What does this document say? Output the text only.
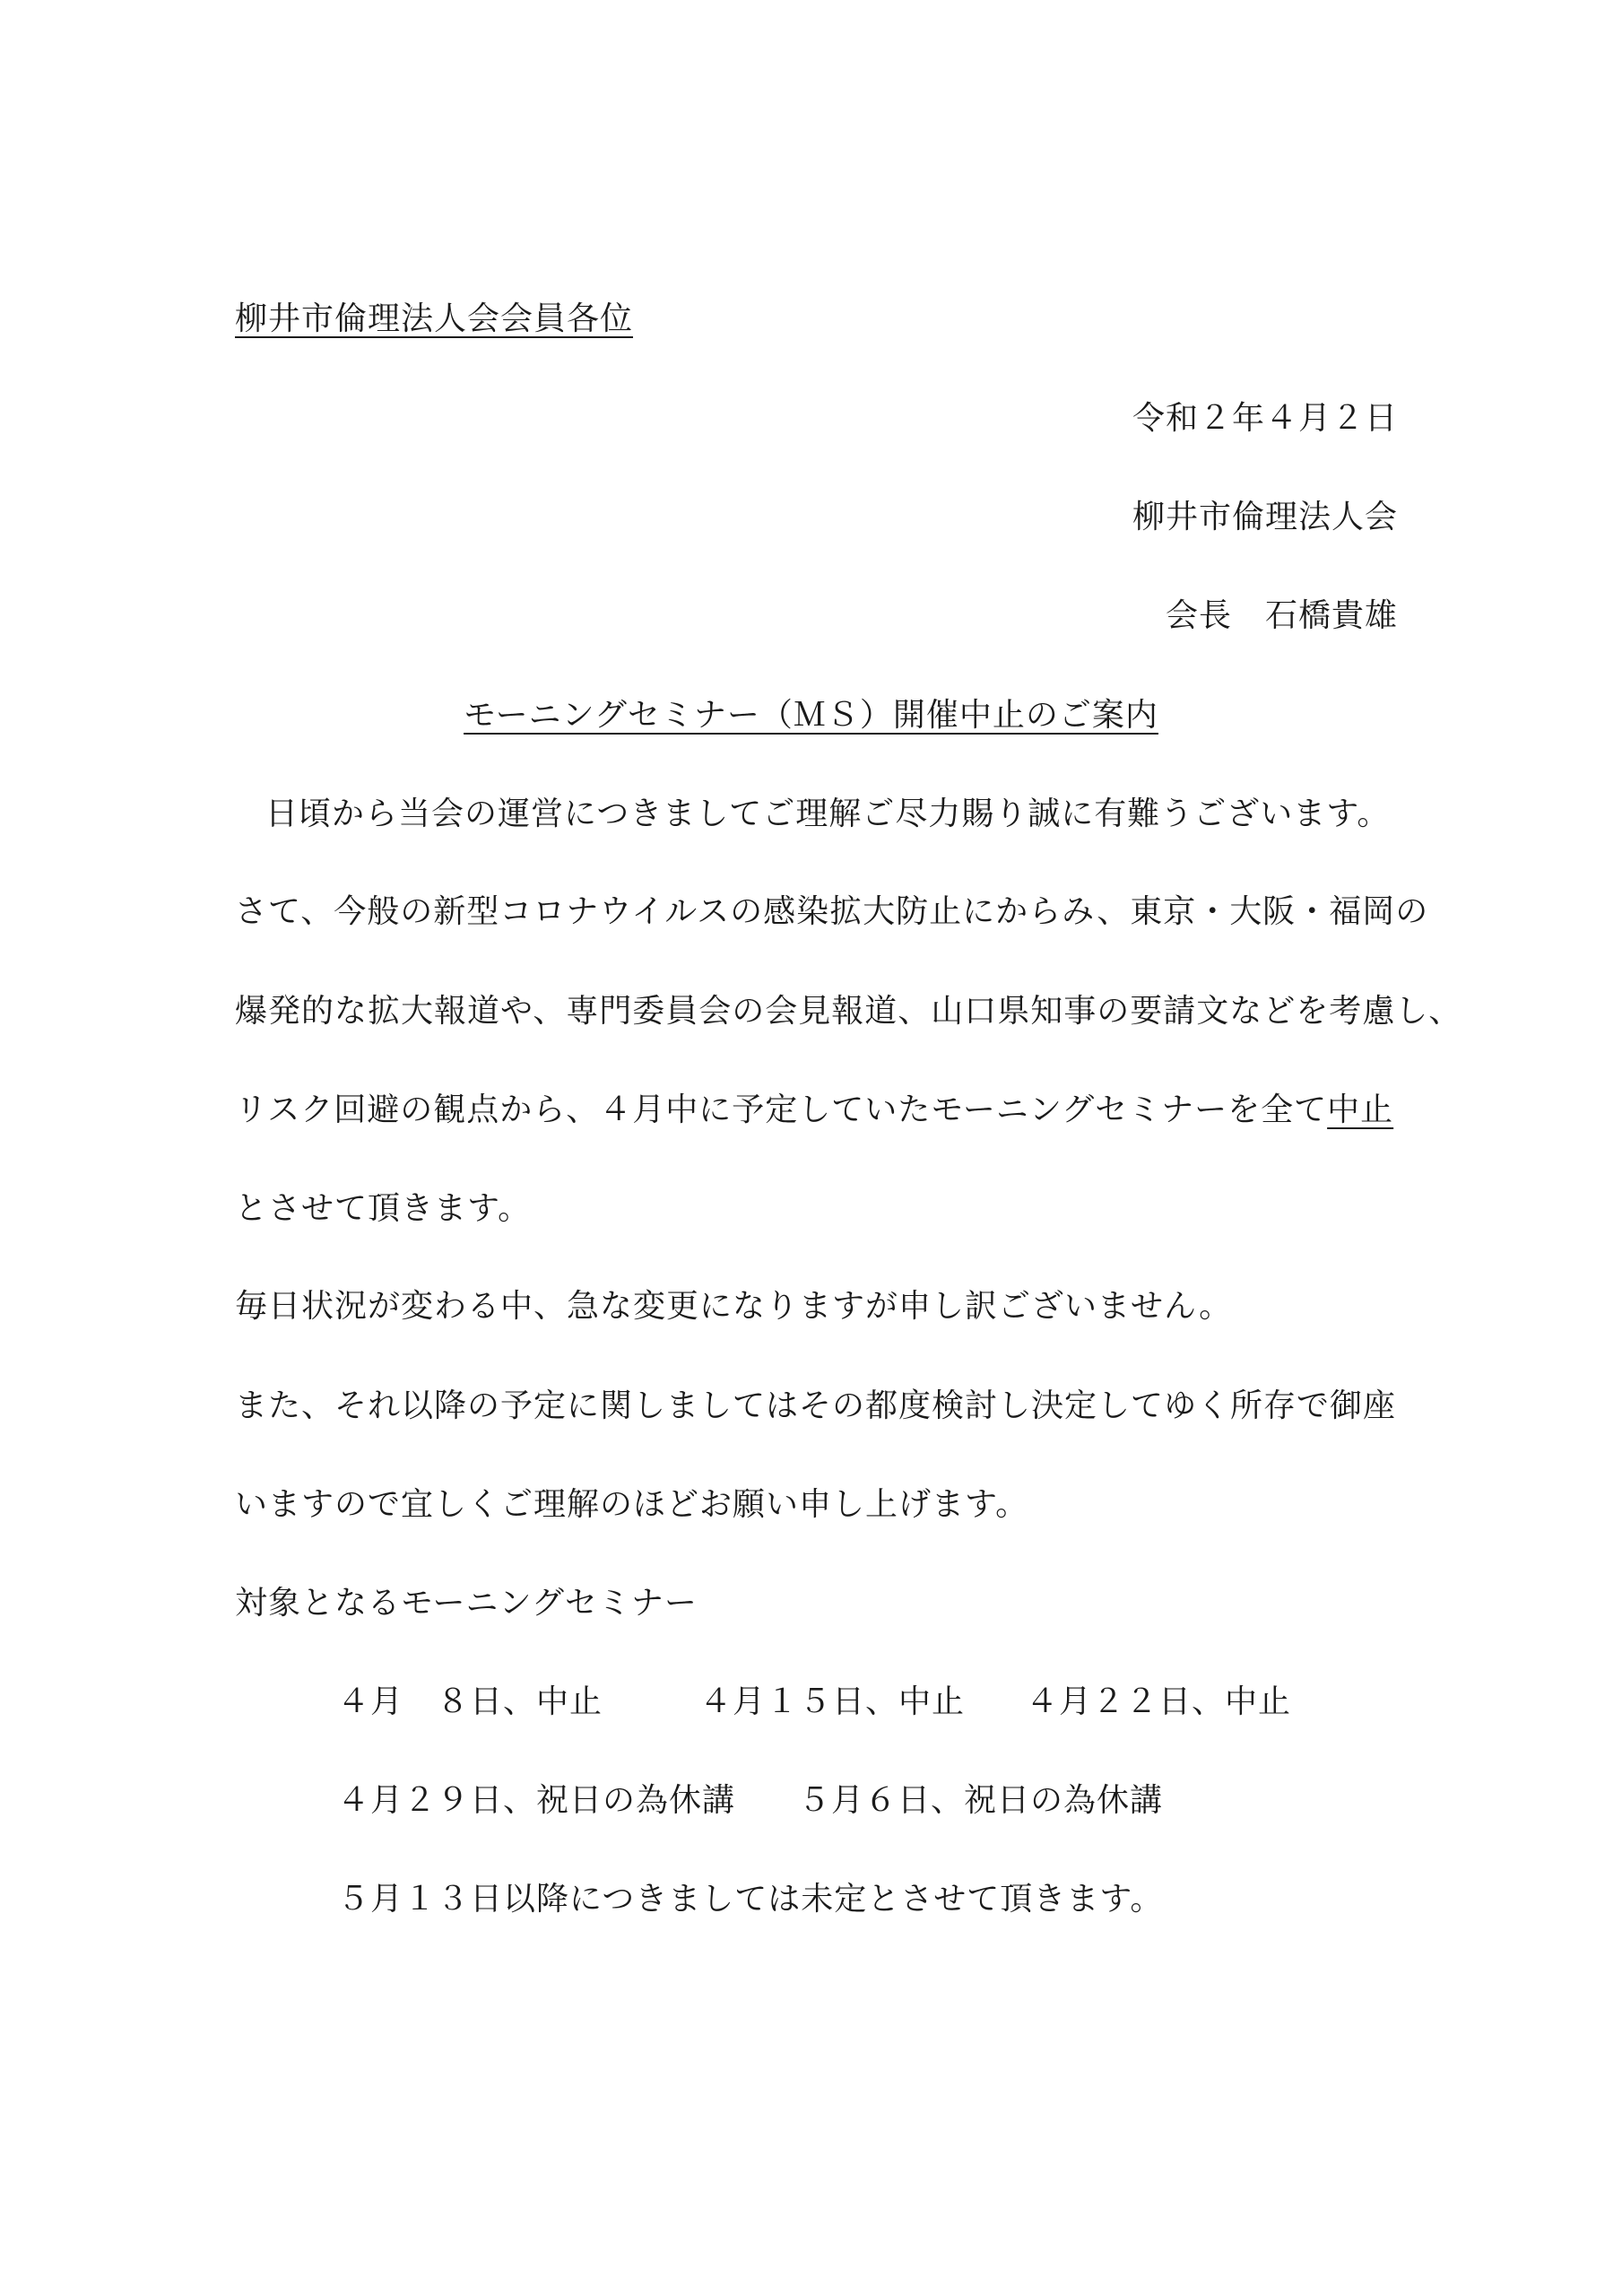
柳井市倫理法人会会員各位
令和２年４月２日
柳井市倫理法人会
会長　石橋貴雄
モーニングセミナー（ＭＳ）開催中止のご案内
日頃から当会の運営につきましてご理解ご尽力賜り誠に有難うございます。
さて、今般の新型コロナウイルスの感染拡大防止にからみ、東京・大阪・福岡の
爆発的な拡大報道や、専門委員会の会見報道、山口県知事の要請文などを考慮し、
リスク回避の観点から、４月中に予定していたモーニングセミナーを全て中止
とさせて頂きます。
毎日状況が変わる中、急な変更になりますが申し訳ございません。
また、それ以降の予定に関しましてはその都度検討し決定してゆく所存で御座
いますので宜しくご理解のほどお願い申し上げます。
対象となるモーニングセミナー
４月　８日、中止	４月１５日、中止 ４月２２日、中止
４月２９日、祝日の為休講 ５月６日、祝日の為休講
５月１３日以降につきましては未定とさせて頂きます。
